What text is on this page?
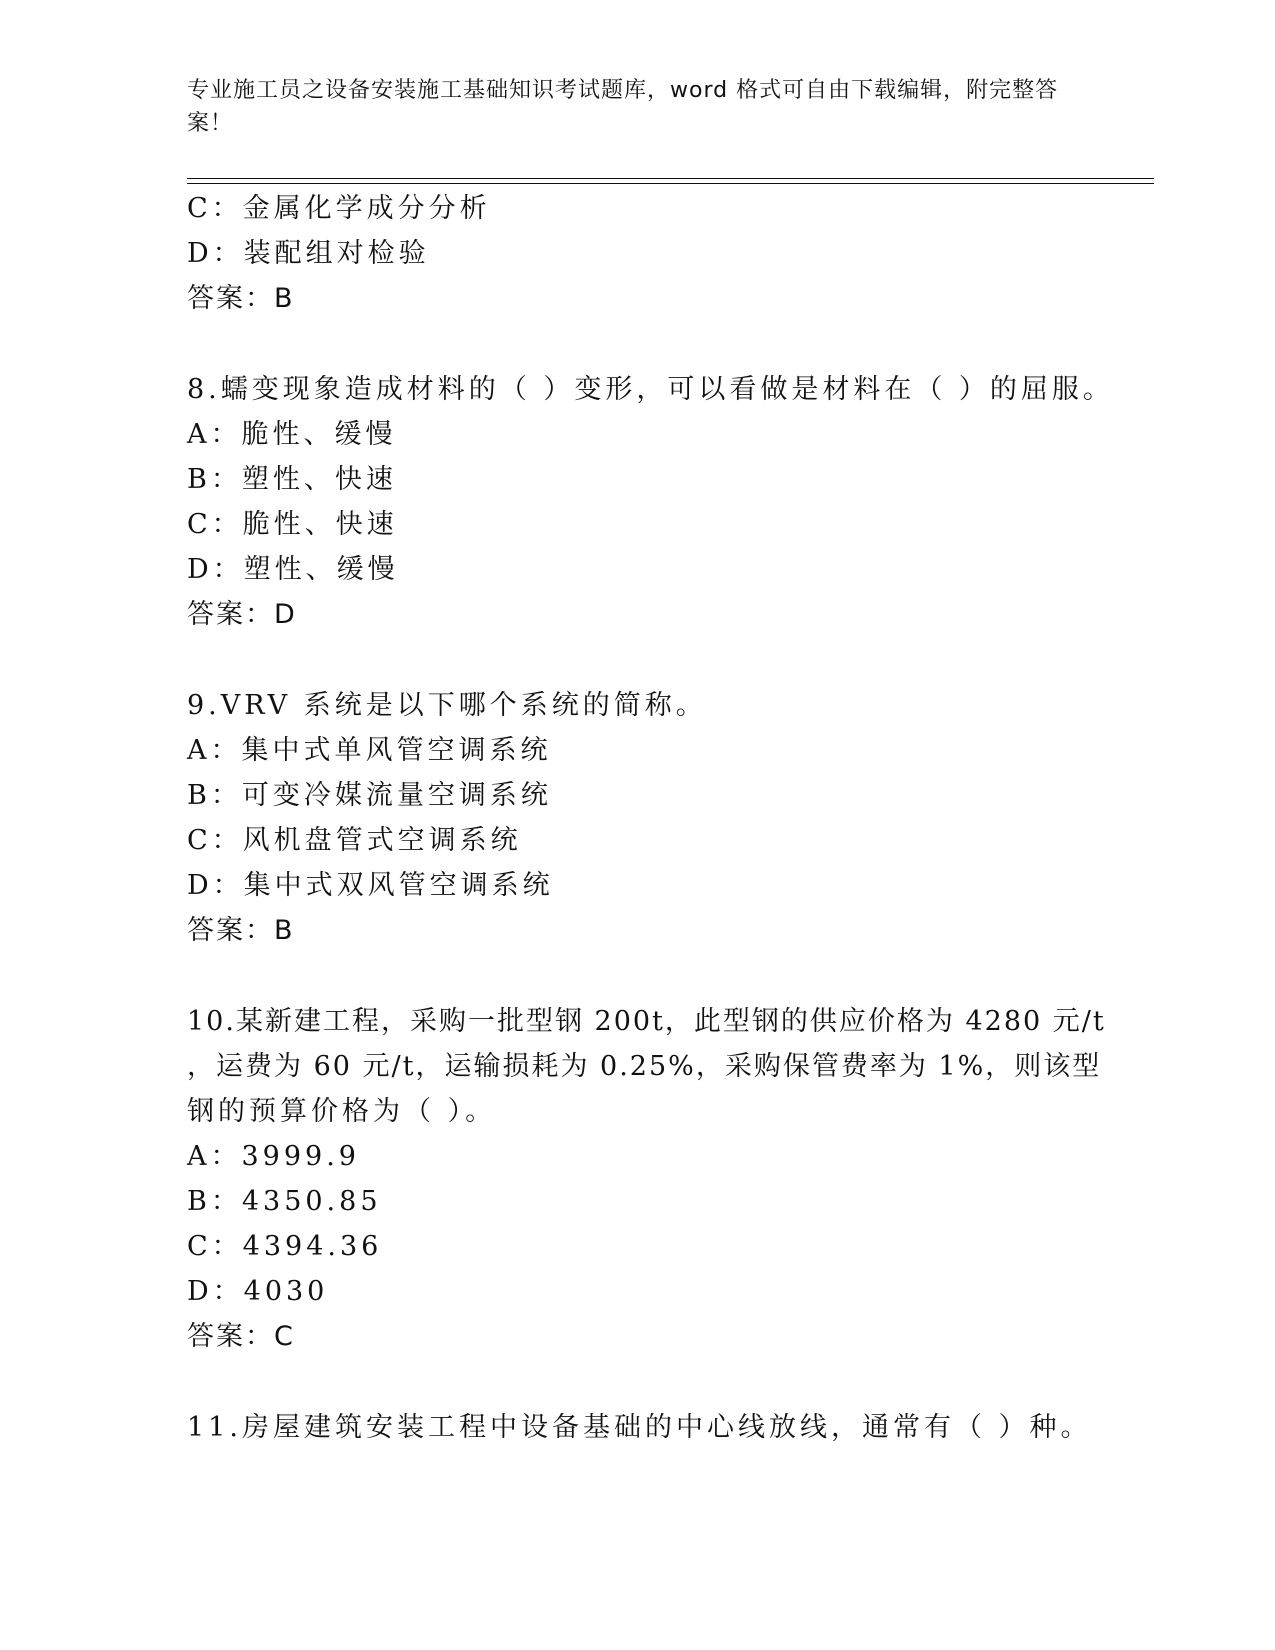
专业施工员之设备安装施工基础知识考试题库，word 格式可自由下载编辑，附完整答案！
C：金属化学成分分析
D：装配组对检验
答案：B
8.蠕变现象造成材料的（ ）变形，可以看做是材料在（ ）的屈服。
A：脆性、缓慢
B：塑性、快速
C：脆性、快速
D：塑性、缓慢
答案：D
9.VRV 系统是以下哪个系统的简称。
A：集中式单风管空调系统
B：可变冷媒流量空调系统
C：风机盘管式空调系统
D：集中式双风管空调系统
答案：B
10.某新建工程，采购一批型钢 200t，此型钢的供应价格为 4280 元/t
，运费为 60 元/t，运输损耗为 0.25%，采购保管费率为 1%，则该型
钢的预算价格为（ ）。
A：3999.9
B：4350.85
C：4394.36
D：4030
答案：C
11.房屋建筑安装工程中设备基础的中心线放线，通常有（ ）种。
